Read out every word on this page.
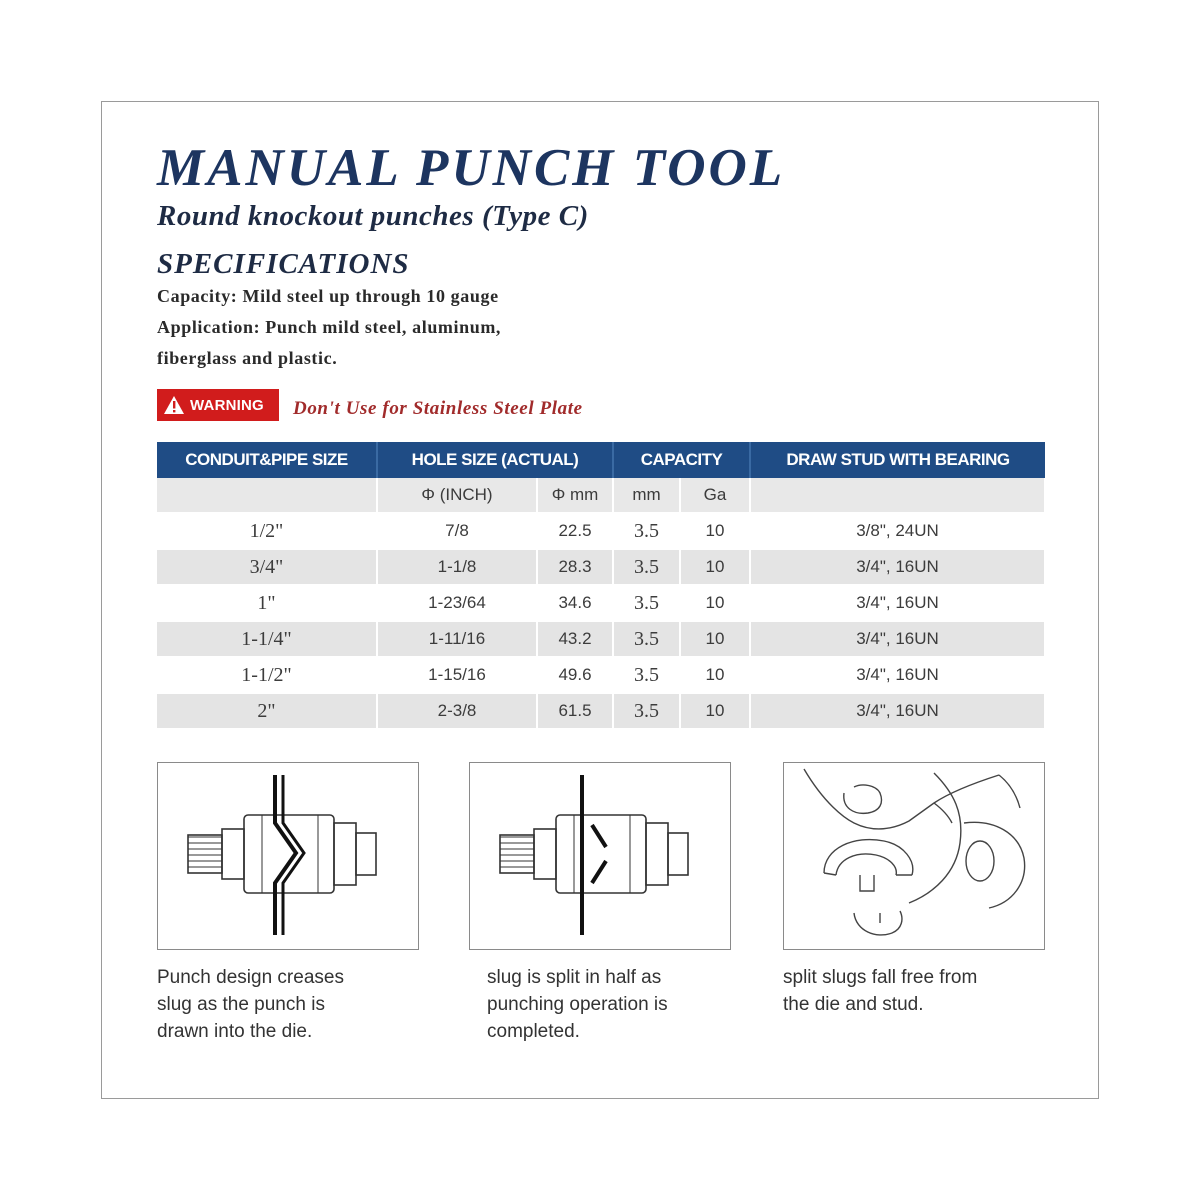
MANUAL PUNCH TOOL
Round knockout punches (Type C)
SPECIFICATIONS
Capacity: Mild steel up through 10 gauge
Application: Punch mild steel, aluminum,
fiberglass and plastic.
WARNING Don't Use for Stainless Steel Plate
CONDUIT&PIPE SIZE	HOLE SIZE (ACTUAL)		CAPACITY		DRAW STUD WITH BEARING
	Φ (INCH)	Φ mm	mm	Ga	
1/2"	7/8	22.5	3.5	10	3/8", 24UN
3/4"	1-1/8	28.3	3.5	10	3/4", 16UN
1"	1-23/64	34.6	3.5	10	3/4", 16UN
1-1/4"	1-11/16	43.2	3.5	10	3/4", 16UN
1-1/2"	1-15/16	49.6	3.5	10	3/4", 16UN
2"	2-3/8	61.5	3.5	10	3/4", 16UN
Punch design creases
slug as the punch is
drawn into the die.
slug is split in half as
punching operation is
completed.
split slugs fall free from
the die and stud.
